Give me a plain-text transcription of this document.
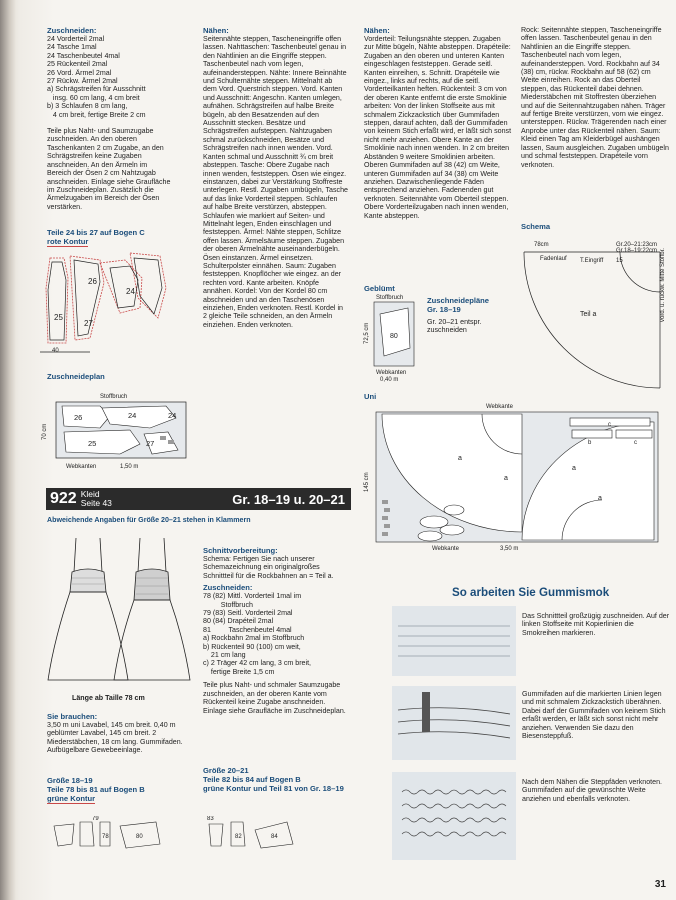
Zuschneiden:
24 Vorderteil 2mal
24 Tasche 1mal
24 Taschenbeutel 4mal
25 Rückenteil 2mal
26 Vord. Ärmel 2mal
27 Rückw. Ärmel 2mal
a) Schrägstreifen für Ausschnitt
insg. 60 cm lang, 4 cm breit
b) 3 Schlaufen 8 cm lang,
4 cm breit, fertige Breite 2 cm

Teile plus Naht- und Saumzugabe zuschneiden. An den oberen Taschenkanten 2 cm Zugabe, an den Schrägstreifen keine Zugaben anschneiden. An den Ärmeln im Bereich der Ösen 2 cm Nahtzugab anschneiden. Einlage siehe Graufläche im Zuschneideplan. Zusätzlich die Ärmelzugaben im Bereich der Ösen verstärken.

Teile 24 bis 27 auf Bogen C
rote Kontur
25
26
27
24
40
Zuschneideplan
26	24
25	27
24
70 cm
Stoffbruch
Webkanten	1,50 m
Nähen:
Seitennähte steppen, Tascheneingriffe offen lassen. Nahttaschen: Taschenbeutel genau in den Nahtlinien an die Eingriffe steppen. Taschenbeutel nach vorn legen, aufeinandersteppen. Nähte: Innere Beinnähte und Schulternähte steppen. Mittelnaht ab dem Vord. Querstrich steppen. Vord. Kanten und Ausschnitt: Angeschn. Kanten umlegen, aufnähen. Schrägstreifen auf halbe Breite bügeln, ab den Besatzenden auf den Ausschnitt stecken. Besätze und Schrägstreifen aufsteppen. Nahtzugaben schmal zurückschneiden, Besätze und Schrägstreifen nach innen wenden. Vord. Kanten schmal und Ausschnitt ¾ cm breit absteppen. Tasche: Obere Zugabe nach innen wenden, feststeppen. Ösen wie eingez. einstanzen, dabei zur Verstärkung Stoffreste unterlegen. Restl. Zugaben umbügeln, Tasche auf das linke Vorderteil steppen. Schlaufen auf halbe Breite verstürzen, absteppen. Schlaufen wie markiert auf Seiten- und Mittelnaht legen, Enden einschlagen und feststeppen. Ärmel: Nähte steppen, Schlitze offen lassen. Ärmelsäume steppen. Zugaben der oberen Ärmelnähte auseinanderbügeln. Ösen einstanzen. Ärmel einsetzen. Schulterpolster einnähen. Saum: Zugaben feststeppen. Knopflöcher wie eingez. an der rechten vord. Kante arbeiten. Knöpfe annähen. Kordel: Von der Kordel 80 cm abschneiden und an den Taschenösen einziehen, Enden verknoten. Restl. Kordel in 2 gleiche Teile schneiden, an den Ärmeln einziehen. Enden verknoten.
922 Kleid
Seite 43	Gr. 18–19 u. 20–21
Abweichende Angaben für Größe 20–21 stehen in Klammern
Länge ab Taille 78 cm
Sie brauchen:
3,50 m uni Lavabel, 145 cm breit. 0,40 m geblümter Lavabel, 145 cm breit. 2 Miederstäbchen, 18 cm lang. Gummifaden. Aufbügelbare Gewebeeinlage.
Größe 18–19
Teile 78 bis 81 auf Bogen B
grüne Kontur
79
78	80
Schnittvorbereitung:
Schema: Fertigen Sie nach unserer Schemazeichnung ein originalgroßes Schnittteil für die Rockbahnen an = Teil a.
Zuschneiden:
78 (82) Mittl. Vorderteil 1mal im
Stoffbruch
79 (83) Seitl. Vorderteil 2mal
80 (84) Drapéteil 2mal
81         Taschenbeutel 4mal
a) Rockbahn 2mal im Stoffbruch
b) Rückenteil 90 (100) cm weit,
21 cm lang
c) 2 Träger 42 cm lang, 3 cm breit,
fertige Breite 1,5 cm

Teile plus Naht- und schmaler Saumzugabe zuschneiden, an der oberen Kante vom Rückenteil keine Zugabe anschneiden. Einlage siehe Graufläche im Zuschneideplan.

Größe 20–21
Teile 82 bis 84 auf Bogen B
grüne Kontur und Teil 81 von Gr. 18–19
83
82	84
Nähen:
Vorderteil: Teilungsnähte steppen. Zugaben zur Mitte bügeln, Nähte absteppen. Drapéteile: Zugaben an den oberen und unteren Kanten eingeschlagen feststeppen. Gerade seitl. Kanten einreihen, s. Schnitt. Drapéteile wie eingez., links auf rechts, auf die seitl. Vorderteilkanten heften. Rückenteil: 3 cm von der oberen Kante entfernt die erste Smoklinie arbeiten: Von der linken Stoffseite aus mit schmalem Zickzackstich über Gummifaden steppen, darauf achten, daß der Gummifaden von keinem Stich erfaßt wird, er läßt sich sonst nicht mehr anziehen. Obere Kante an der Smoklinie nach innen wenden. In 2 cm breiten Abständen 9 weitere Smoklinien arbeiten. Oberen Gummifaden auf 38 (42) cm Weite, unteren Gummifaden auf 34 (38) cm Weite anziehen. Dazwischenliegende Fäden entsprechend anziehen. Fadenenden gut verknoten. Seitennähte vom Oberteil steppen. Obere Vorderteilzugaben nach innen wenden, Kante absteppen.
Geblümt
Stoffbruch
80
72,5 cm
Webkanten
0,40 m
Zuschneidepläne
Gr. 18–19
Gr. 20–21 entspr. zuschneiden
Rock: Seitennähte steppen, Tascheneingriffe offen lassen. Taschenbeutel genau in den Nahtlinien an die Eingriffe steppen. Taschenbeutel nach vorn legen, aufeinandersteppen. Vord. Rockbahn auf 34 (38) cm, rückw. Rockbahn auf 58 (62) cm Weite einreihen. Rock an das Oberteil steppen, das Rückenteil dabei dehnen. Miederstäbchen mit Stoffresten überziehen und auf die Seitennahtzugaben nähen. Träger auf fertige Breite verstürzen, vorn wie eingez. untersteppen. Rückw. Trägerenden nach einer Anprobe unter das Rückenteil nähen. Saum: Kleid einen Tag am Kleiderbügel aushängen lassen, Saum ausgleichen. Zugaben umbügeln und schmal feststeppen. Drapéteile vorn verknoten.
Schema
78cm	Gr.20–21:23cm
Gr.18–19:22cm
Fadenlauf T.Eingriff 15
Teil a	vord. u. rückw. Mitte Stoffbr.
Uni
Webkante
a
a
a
a
c
b	c
145 cm
Webkante	3,50 m
So arbeiten Sie Gummismok
Das Schnittteil großzügig zuschneiden. Auf der linken Stoffseite mit Kopierlinien die Smokreihen markieren.
Gummifaden auf die markierten Linien legen und mit schmalem Zickzackstich überähnen. Dabei darf der Gummifaden von keinem Stich erfaßt werden, er läßt sich sonst nicht mehr anziehen. Verwenden Sie dazu den Biesensteppfuß.
Nach dem Nähen die Steppfäden verknoten. Gummifaden auf die gewünschte Weite anziehen und ebenfalls verknoten.
31
